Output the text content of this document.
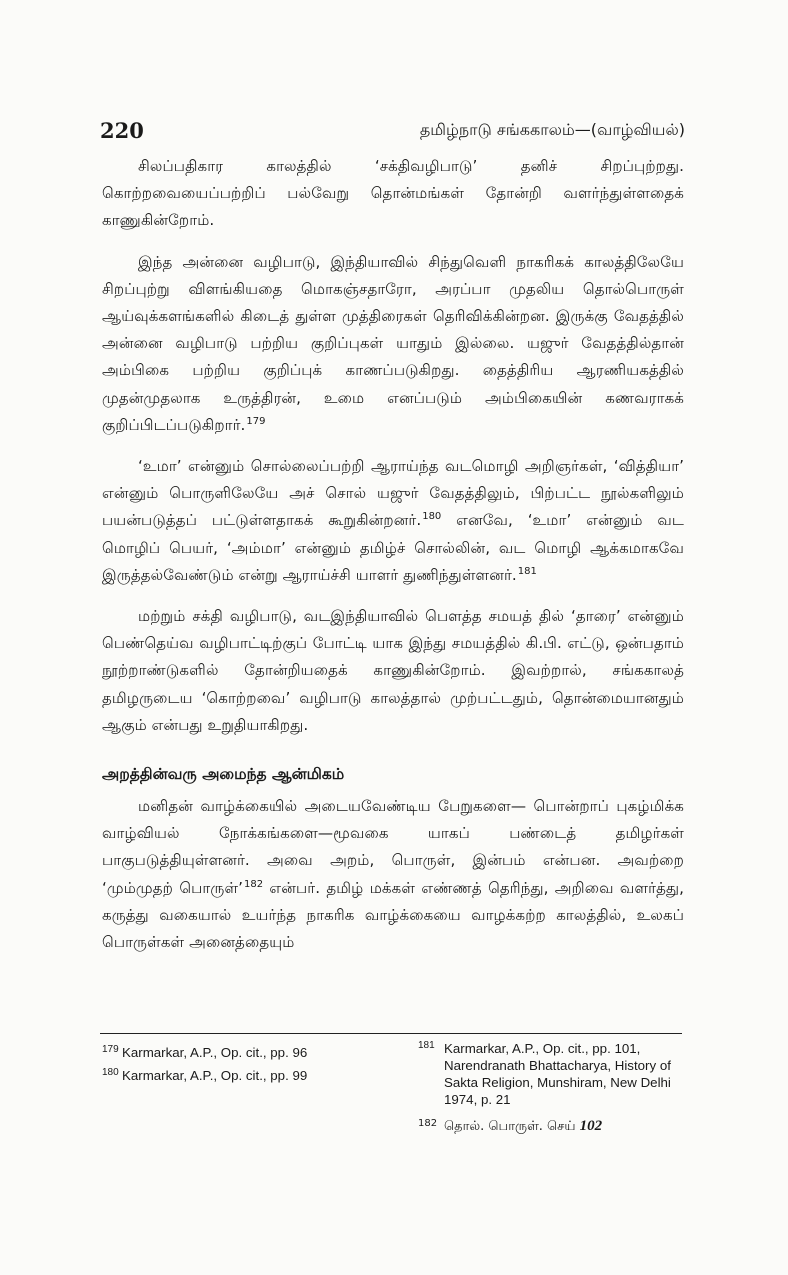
220	தமிழ்நாடு சங்ககாலம்—(வாழ்வியல்)

சிலப்பதிகார காலத்தில் ‘சக்திவழிபாடு’ தனிச் சிறப்புற்றது. கொற்றவையைப்பற்றிப் பல்வேறு தொன்மங்கள் தோன்றி வளர்ந்துள்ளதைக் காணுகின்றோம்.

இந்த அன்னை வழிபாடு, இந்தியாவில் சிந்துவெளி நாகரிகக் காலத்திலேயே சிறப்புற்று விளங்கியதை மொகஞ்சதாரோ, அரப்பா முதலிய தொல்பொருள் ஆய்வுக்களங்களில் கிடைத் துள்ள முத்திரைகள் தெரிவிக்கின்றன. இருக்கு வேதத்தில் அன்னை வழிபாடு பற்றிய குறிப்புகள் யாதும் இல்லை. யஜுர் வேதத்தில்தான் அம்பிகை பற்றிய குறிப்புக் காணப்படுகிறது. தைத்திரிய ஆரணியகத்தில் முதன்முதலாக உருத்திரன், உமை எனப்படும் அம்பிகையின் கணவராகக் குறிப்பிடப்படுகிறார்.$^{179}$

‘உமா’ என்னும் சொல்லைப்பற்றி ஆராய்ந்த வடமொழி அறிஞர்கள், ‘வித்தியா’ என்னும் பொருளிலேயே அச் சொல் யஜுர் வேதத்திலும், பிற்பட்ட நூல்களிலும் பயன்படுத்தப் பட்டுள்ளதாகக் கூறுகின்றனர்.$^{180}$ எனவே, ‘உமா’ என்னும் வட மொழிப் பெயர், ‘அம்மா’ என்னும் தமிழ்ச் சொல்லின், வட மொழி ஆக்கமாகவே இருத்தல்வேண்டும் என்று ஆராய்ச்சி யாளர் துணிந்துள்ளனர்.$^{181}$

மற்றும் சக்தி வழிபாடு, வடஇந்தியாவில் பௌத்த சமயத் தில் ‘தாரை’ என்னும் பெண்தெய்வ வழிபாட்டிற்குப் போட்டி யாக இந்து சமயத்தில் கி.பி. எட்டு, ஒன்பதாம் நூற்றாண்டுகளில் தோன்றியதைக் காணுகின்றோம். இவற்றால், சங்ககாலத் தமிழருடைய ‘கொற்றவை’ வழிபாடு காலத்தால் முற்பட்டதும், தொன்மையானதும் ஆகும் என்பது உறுதியாகிறது.

அறத்தின்வரு அமைந்த ஆன்மிகம்

மனிதன் வாழ்க்கையில் அடையவேண்டிய பேறுகளை— பொன்றாப் புகழ்மிக்க வாழ்வியல் நோக்கங்களை—மூவகை யாகப் பண்டைத் தமிழர்கள் பாகுபடுத்தியுள்ளனர். அவை அறம், பொருள், இன்பம் என்பன. அவற்றை ‘மும்முதற் பொருள்’$^{182}$ என்பர். தமிழ் மக்கள் எண்ணத் தெரிந்து, அறிவை வளர்த்து, கருத்து வகையால் உயர்ந்த நாகரிக வாழ்க்கையை வாழக்கற்ற காலத்தில், உலகப் பொருள்கள் அனைத்தையும்

179 Karmarkar, A.P., Op. cit., pp. 96
180 Karmarkar, A.P., Op. cit., pp. 99
181 Karmarkar, A.P., Op. cit., pp. 101, Narendranath Bhattacharya, History of Sakta Religion, Munshiram, New Delhi 1974, p. 21
182 தொல். பொருள். செய் 102
